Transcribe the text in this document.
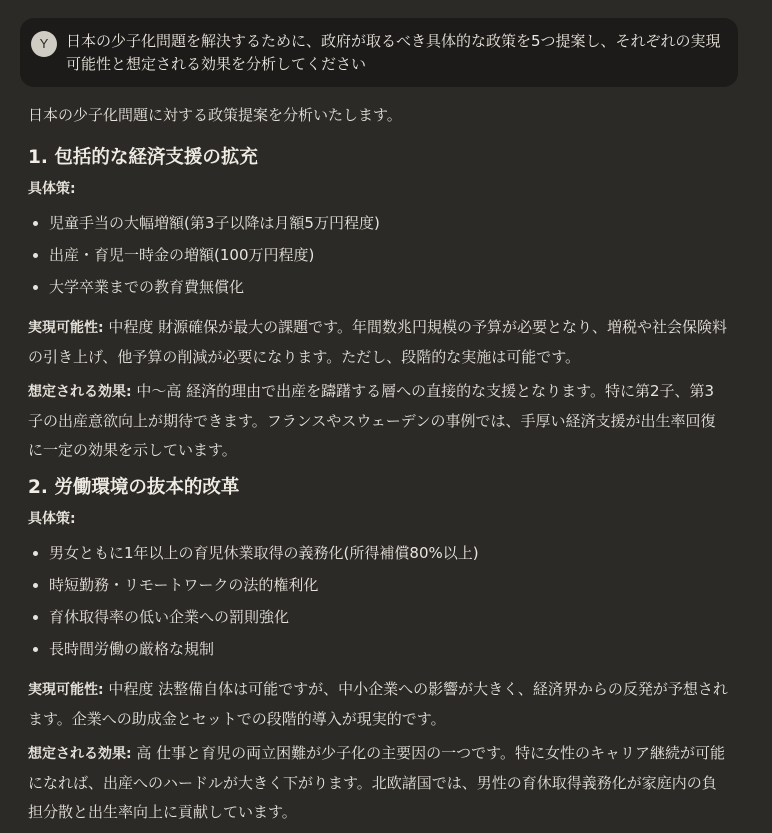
Y	日本の少子化問題を解決するために、政府が取るべき具体的な政策を5つ提案し、それぞれの実現可能性と想定される効果を分析してください

日本の少子化問題に対する政策提案を分析いたします。

1. 包括的な経済支援の拡充
具体策:
児童手当の大幅増額(第3子以降は月額5万円程度)
出産・育児一時金の増額(100万円程度)
大学卒業までの教育費無償化

実現可能性: 中程度 財源確保が最大の課題です。年間数兆円規模の予算が必要となり、増税や社会保険料の引き上げ、他予算の削減が必要になります。ただし、段階的な実施は可能です。

想定される効果: 中〜高 経済的理由で出産を躊躇する層への直接的な支援となります。特に第2子、第3子の出産意欲向上が期待できます。フランスやスウェーデンの事例では、手厚い経済支援が出生率回復に一定の効果を示しています。

2. 労働環境の抜本的改革
具体策:
男女ともに1年以上の育児休業取得の義務化(所得補償80%以上)
時短勤務・リモートワークの法的権利化
育休取得率の低い企業への罰則強化
長時間労働の厳格な規制

実現可能性: 中程度 法整備自体は可能ですが、中小企業への影響が大きく、経済界からの反発が予想されます。企業への助成金とセットでの段階的導入が現実的です。

想定される効果: 高 仕事と育児の両立困難が少子化の主要因の一つです。特に女性のキャリア継続が可能になれば、出産へのハードルが大きく下がります。北欧諸国では、男性の育休取得義務化が家庭内の負担分散と出生率向上に貢献しています。
